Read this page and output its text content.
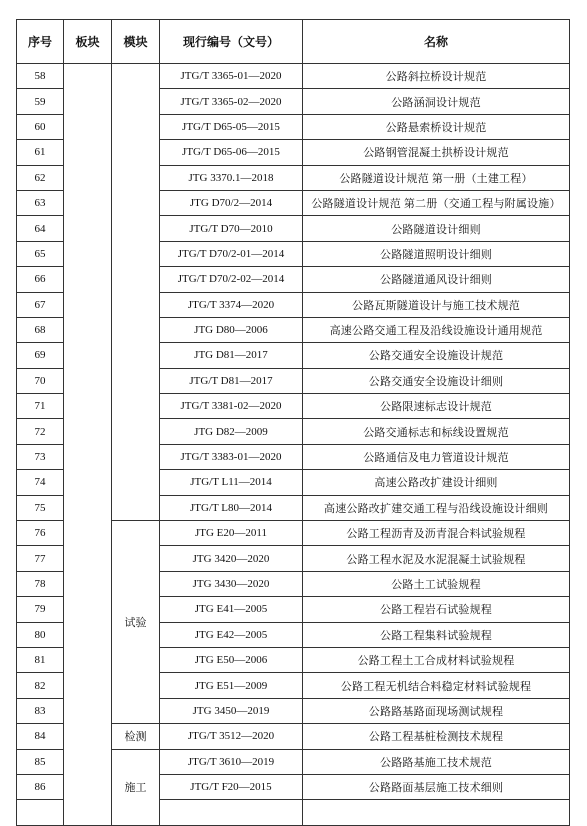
序号	板块	模块	现行编号（文号）	名称
58			JTG/T 3365-01—2020	公路斜拉桥设计规范
59			JTG/T 3365-02—2020	公路涵洞设计规范
60			JTG/T D65-05—2015	公路悬索桥设计规范
61			JTG/T D65-06—2015	公路钢管混凝土拱桥设计规范
62			JTG 3370.1—2018	公路隧道设计规范 第一册（土建工程）
63			JTG D70/2—2014	公路隧道设计规范 第二册（交通工程与附属设施）
64			JTG/T D70—2010	公路隧道设计细则
65			JTG/T D70/2-01—2014	公路隧道照明设计细则
66			JTG/T D70/2-02—2014	公路隧道通风设计细则
67			JTG/T 3374—2020	公路瓦斯隧道设计与施工技术规范
68			JTG D80—2006	高速公路交通工程及沿线设施设计通用规范
69			JTG D81—2017	公路交通安全设施设计规范
70			JTG/T D81—2017	公路交通安全设施设计细则
71			JTG/T 3381-02—2020	公路限速标志设计规范
72			JTG D82—2009	公路交通标志和标线设置规范
73			JTG/T 3383-01—2020	公路通信及电力管道设计规范
74			JTG/T L11—2014	高速公路改扩建设计细则
75			JTG/T L80—2014	高速公路改扩建交通工程与沿线设施设计细则
76		试验	JTG E20—2011	公路工程沥青及沥青混合料试验规程
77			JTG 3420—2020	公路工程水泥及水泥混凝土试验规程
78			JTG 3430—2020	公路土工试验规程
79			JTG E41—2005	公路工程岩石试验规程
80			JTG E42—2005	公路工程集料试验规程
81			JTG E50—2006	公路工程土工合成材料试验规程
82			JTG E51—2009	公路工程无机结合料稳定材料试验规程
83			JTG 3450—2019	公路路基路面现场测试规程
84		检测	JTG/T 3512—2020	公路工程基桩检测技术规程
85		施工	JTG/T 3610—2019	公路路基施工技术规范
86			JTG/T F20—2015	公路路面基层施工技术细则
